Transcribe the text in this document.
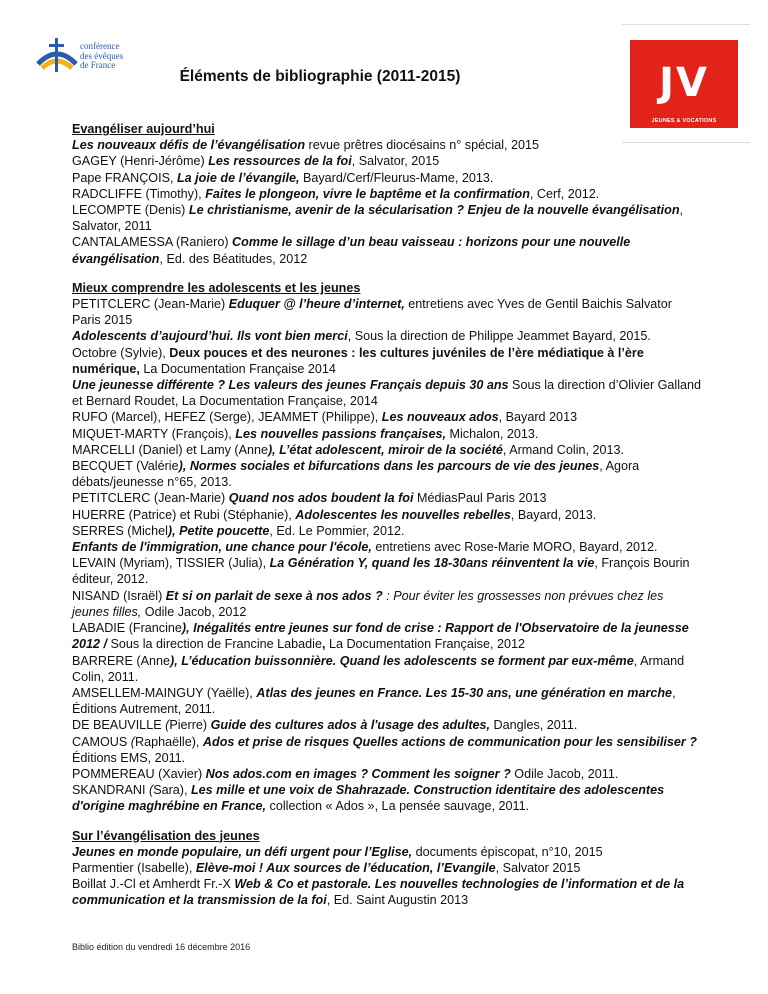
conférence
des évêques
de France	JV
JEUNES & VOCATIONS
Éléments de bibliographie (2011-2015)
Evangéliser aujourd’hui

Les nouveaux défis de l’évangélisation revue prêtres diocésains n° spécial, 2015

GAGEY (Henri-Jérôme) Les ressources de la foi, Salvator, 2015

Pape FRANÇOIS, La joie de l’évangile, Bayard/Cerf/Fleurus-Mame, 2013.

RADCLIFFE (Timothy), Faites le plongeon, vivre le baptême et la confirmation, Cerf, 2012.

LECOMPTE (Denis) Le christianisme, avenir de la sécularisation ? Enjeu de la nouvelle évangélisation, Salvator, 2011

CANTALAMESSA (Raniero) Comme le sillage d’un beau vaisseau : horizons pour une nouvelle évangélisation, Ed. des Béatitudes, 2012

Mieux comprendre les adolescents et les jeunes

PETITCLERC (Jean-Marie) Eduquer @ l’heure d’internet, entretiens avec Yves de Gentil Baichis Salvator Paris 2015

Adolescents d’aujourd’hui. Ils vont bien merci, Sous la direction de Philippe Jeammet Bayard, 2015.

Octobre (Sylvie), Deux pouces et des neurones : les cultures juvéniles de l’ère médiatique à l’ère numérique, La Documentation Française 2014

Une jeunesse différente ? Les valeurs des jeunes Français depuis 30 ans Sous la direction d’Olivier Galland et Bernard Roudet, La Documentation Française, 2014

RUFO (Marcel), HEFEZ (Serge), JEAMMET (Philippe), Les nouveaux ados, Bayard 2013

MIQUET-MARTY (François), Les nouvelles passions françaises, Michalon, 2013.

MARCELLI (Daniel) et Lamy (Anne), L’état adolescent, miroir de la société, Armand Colin, 2013.

BECQUET (Valérie), Normes sociales et bifurcations dans les parcours de vie des jeunes, Agora débats/jeunesse n°65, 2013.

PETITCLERC (Jean-Marie) Quand nos ados boudent la foi MédiasPaul Paris 2013

HUERRE (Patrice) et Rubi (Stéphanie), Adolescentes les nouvelles rebelles, Bayard, 2013.

SERRES (Michel), Petite poucette, Ed. Le Pommier, 2012.

Enfants de l'immigration, une chance pour l'école, entretiens avec Rose-Marie MORO, Bayard, 2012.

LEVAIN (Myriam), TISSIER (Julia), La Génération Y, quand les 18-30ans réinventent la vie, François Bourin éditeur, 2012.

NISAND (Israël) Et si on parlait de sexe à nos ados ? : Pour éviter les grossesses non prévues chez les jeunes filles, Odile Jacob, 2012

LABADIE (Francine), Inégalités entre jeunes sur fond de crise : Rapport de l'Observatoire de la jeunesse 2012 / Sous la direction de Francine Labadie, La Documentation Française, 2012

BARRERE (Anne), L’éducation buissonnière. Quand les adolescents se forment par eux-même, Armand Colin, 2011.

AMSELLEM-MAINGUY (Yaëlle), Atlas des jeunes en France. Les 15-30 ans, une génération en marche, Éditions Autrement, 2011.

DE BEAUVILLE (Pierre) Guide des cultures ados à l'usage des adultes, Dangles, 2011.

CAMOUS (Raphaëlle), Ados et prise de risques Quelles actions de communication pour les sensibiliser ? Éditions EMS, 2011.

POMMEREAU (Xavier) Nos ados.com en images ? Comment les soigner ? Odile Jacob, 2011.

SKANDRANI (Sara), Les mille et une voix de Shahrazade. Construction identitaire des adolescentes d'origine maghrébine en France, collection « Ados », La pensée sauvage, 2011.

Sur l’évangélisation des jeunes

Jeunes en monde populaire, un défi urgent pour l’Eglise, documents épiscopat, n°10, 2015

Parmentier (Isabelle), Elève-moi ! Aux sources de l’éducation, l’Evangile, Salvator 2015

Boillat J.-Cl et Amherdt Fr.-X Web & Co et pastorale. Les nouvelles technologies de l’information et de la communication et la transmission de la foi, Ed. Saint Augustin 2013

Biblio édition du vendredi 16 décembre 2016
